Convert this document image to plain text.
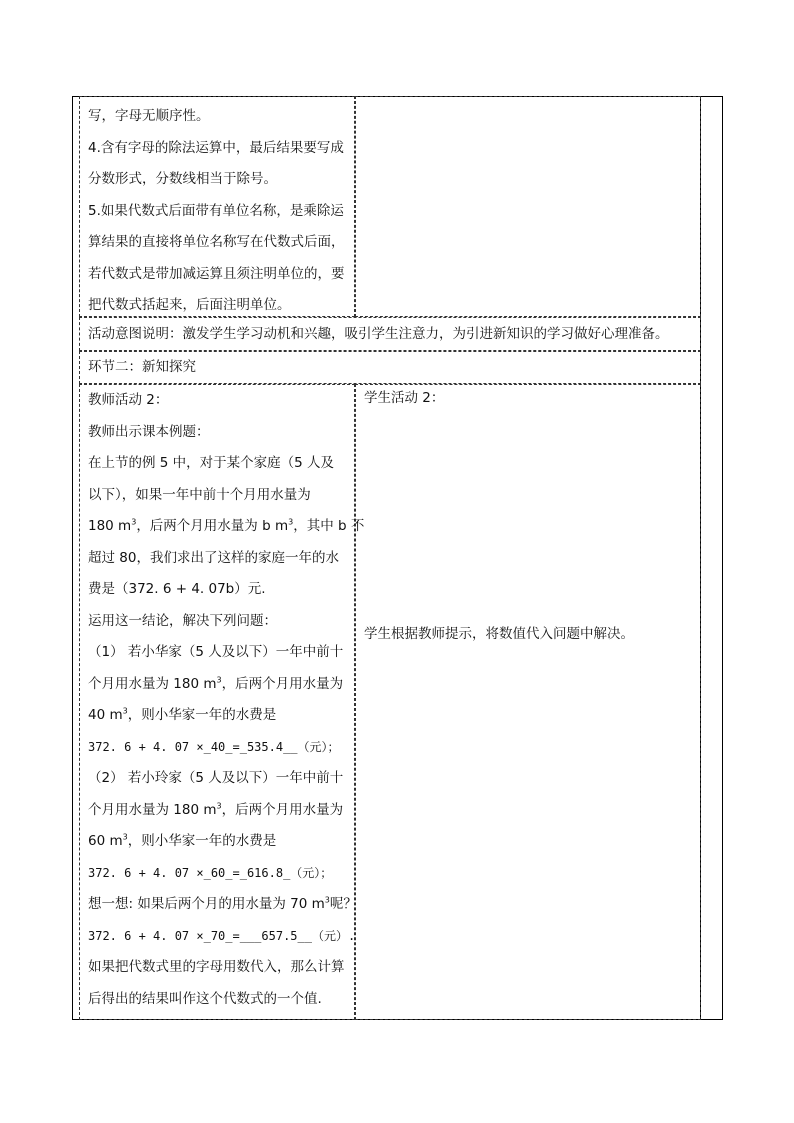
写，字母无顺序性。
4.含有字母的除法运算中，最后结果要写成
分数形式，分数线相当于除号。
5.如果代数式后面带有单位名称，是乘除运
算结果的直接将单位名称写在代数式后面，
若代数式是带加减运算且须注明单位的，要
把代数式括起来，后面注明单位。
活动意图说明：激发学生学习动机和兴趣，吸引学生注意力，为引进新知识的学习做好心理准备。
环节二：新知探究
教师活动 2：
教师出示课本例题：
在上节的例 5 中，对于某个家庭（5 人及
以下），如果一年中前十个月用水量为
180 $m^3$，后两个月用水量为 b $m^3$，其中 b 不
超过 80，我们求出了这样的家庭一年的水
费是（372. 6 + 4. 07b）元.
运用这一结论，解决下列问题：
（1） 若小华家（5 人及以下）一年中前十
个月用水量为 180 $m^3$，后两个月用水量为
40 $m^3$，则小华家一年的水费是
372. 6 + 4. 07 ×_40_=_535.4__（元）；
（2） 若小玲家（5 人及以下）一年中前十
个月用水量为 180 $m^3$，后两个月用水量为
60 $m^3$，则小华家一年的水费是
372. 6 + 4. 07 ×_60_=_616.8_（元）；
想一想: 如果后两个月的用水量为 70 $m^3$呢？
372. 6 + 4. 07 ×_70_=___657.5__（元）.
如果把代数式里的字母用数代入，那么计算
后得出的结果叫作这个代数式的一个值.
学生活动 2：
学生根据教师提示，将数值代入问题中解决。
